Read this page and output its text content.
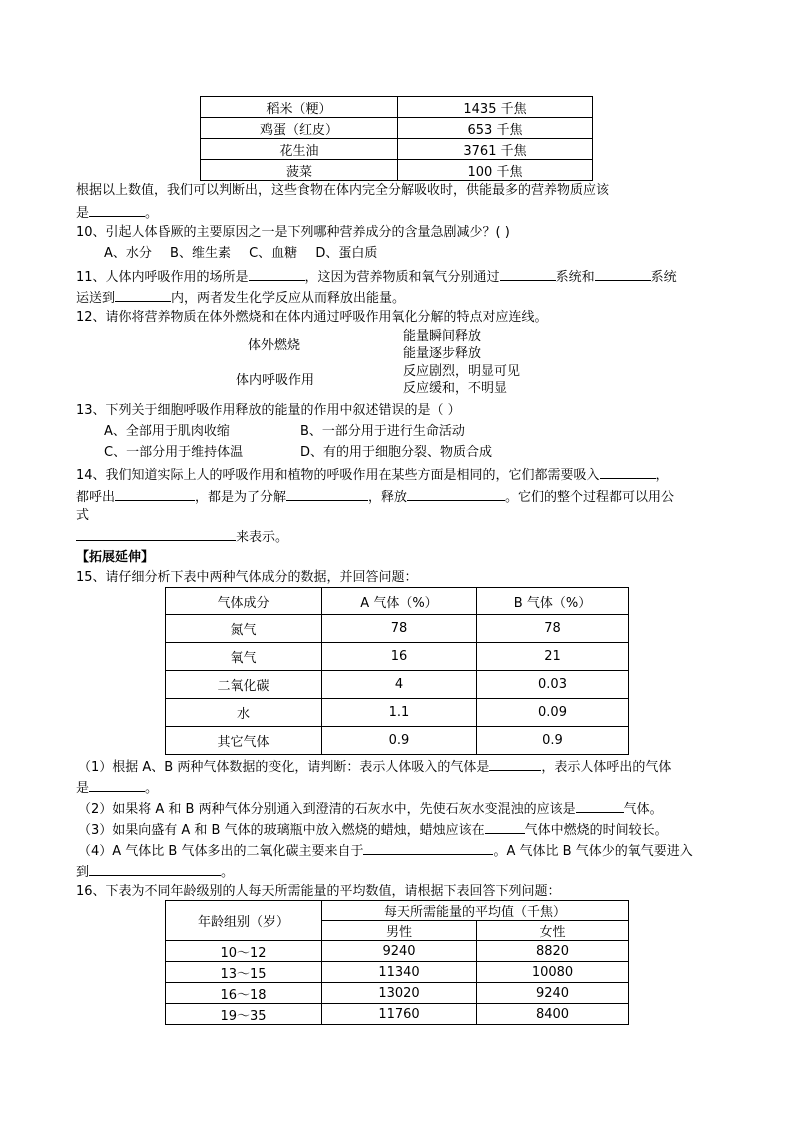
稻米（粳）	1435 千焦
鸡蛋（红皮）	653 千焦
花生油	3761 千焦
菠菜	100 千焦
根据以上数值，我们可以判断出，这些食物在体内完全分解吸收时，供能最多的营养物质应该
是	。
10、引起人体昏厥的主要原因之一是下列哪种营养成分的含量急剧减少？( )
A、水分 B、维生素 C、血糖 D、蛋白质
11、人体内呼吸作用的场所是	，这因为营养物质和氧气分别通过	系统和	系统
运送到	内，两者发生化学反应从而释放出能量。
12、请你将营养物质在体外燃烧和在体内通过呼吸作用氧化分解的特点对应连线。
体外燃烧
体内呼吸作用
能量瞬间释放
能量逐步释放
反应剧烈，明显可见
反应缓和，不明显
13、下列关于细胞呼吸作用释放的能量的作用中叙述错误的是（ ）
A、全部用于肌肉收缩	B、一部分用于进行生命活动
C、一部分用于维持体温	D、有的用于细胞分裂、物质合成
14、我们知道实际上人的呼吸作用和植物的呼吸作用在某些方面是相同的，它们都需要吸入	，
都呼出	，都是为了分解	，释放	。它们的整个过程都可以用公
式
来表示。
【拓展延伸】
15、请仔细分析下表中两种气体成分的数据，并回答问题：
气体成分	A 气体（%）	B 气体（%）
氮气	78	78
氧气	16	21
二氧化碳	4	0.03
水	1.1	0.09
其它气体	0.9	0.9
（1）根据 A、B 两种气体数据的变化，请判断：表示人体吸入的气体是	，表示人体呼出的气体
是	。
（2）如果将 A 和 B 两种气体分别通入到澄清的石灰水中，先使石灰水变混浊的应该是	气体。
（3）如果向盛有 A 和 B 气体的玻璃瓶中放入燃烧的蜡烛，蜡烛应该在	气体中燃烧的时间较长。
（4）A 气体比 B 气体多出的二氧化碳主要来自于	。A 气体比 B 气体少的氧气要进入
到	。
16、下表为不同年龄级别的人每天所需能量的平均数值，请根据下表回答下列问题：
年龄组别（岁）	每天所需能量的平均值（千焦）	
	男性	女性
10～12	9240	8820
13～15	11340	10080
16～18	13020	9240
19～35	11760	8400
